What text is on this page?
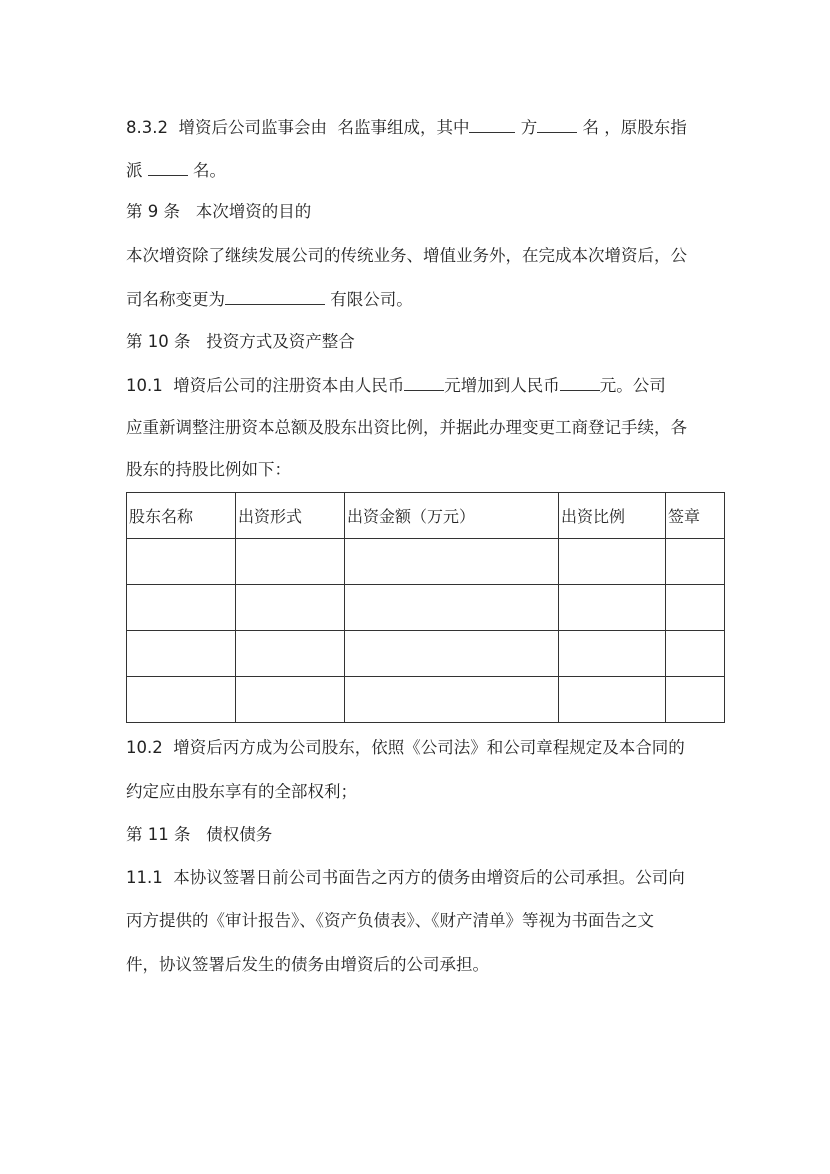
8.3.2  增资后公司监事会由  名监事组成，其中	方 名 ，原股东指
派  名。
第 9 条   本次增资的目的
本次增资除了继续发展公司的传统业务、增值业务外，在完成本次增资后，公
司名称变更为	有限公司。
第 10 条   投资方式及资产整合
10.1  增资后公司的注册资本由人民币 元增加到人民币 元。公司
应重新调整注册资本总额及股东出资比例，并据此办理变更工商登记手续，各
股东的持股比例如下：
股东名称	出资形式	出资金额（万元）	出资比例	签章

10.2  增资后丙方成为公司股东，依照《公司法》和公司章程规定及本合同的
约定应由股东享有的全部权利；
第 11 条   债权债务
11.1  本协议签署日前公司书面告之丙方的债务由增资后的公司承担。公司向
丙方提供的《审计报告》、《资产负债表》、《财产清单》等视为书面告之文
件，协议签署后发生的债务由增资后的公司承担。
